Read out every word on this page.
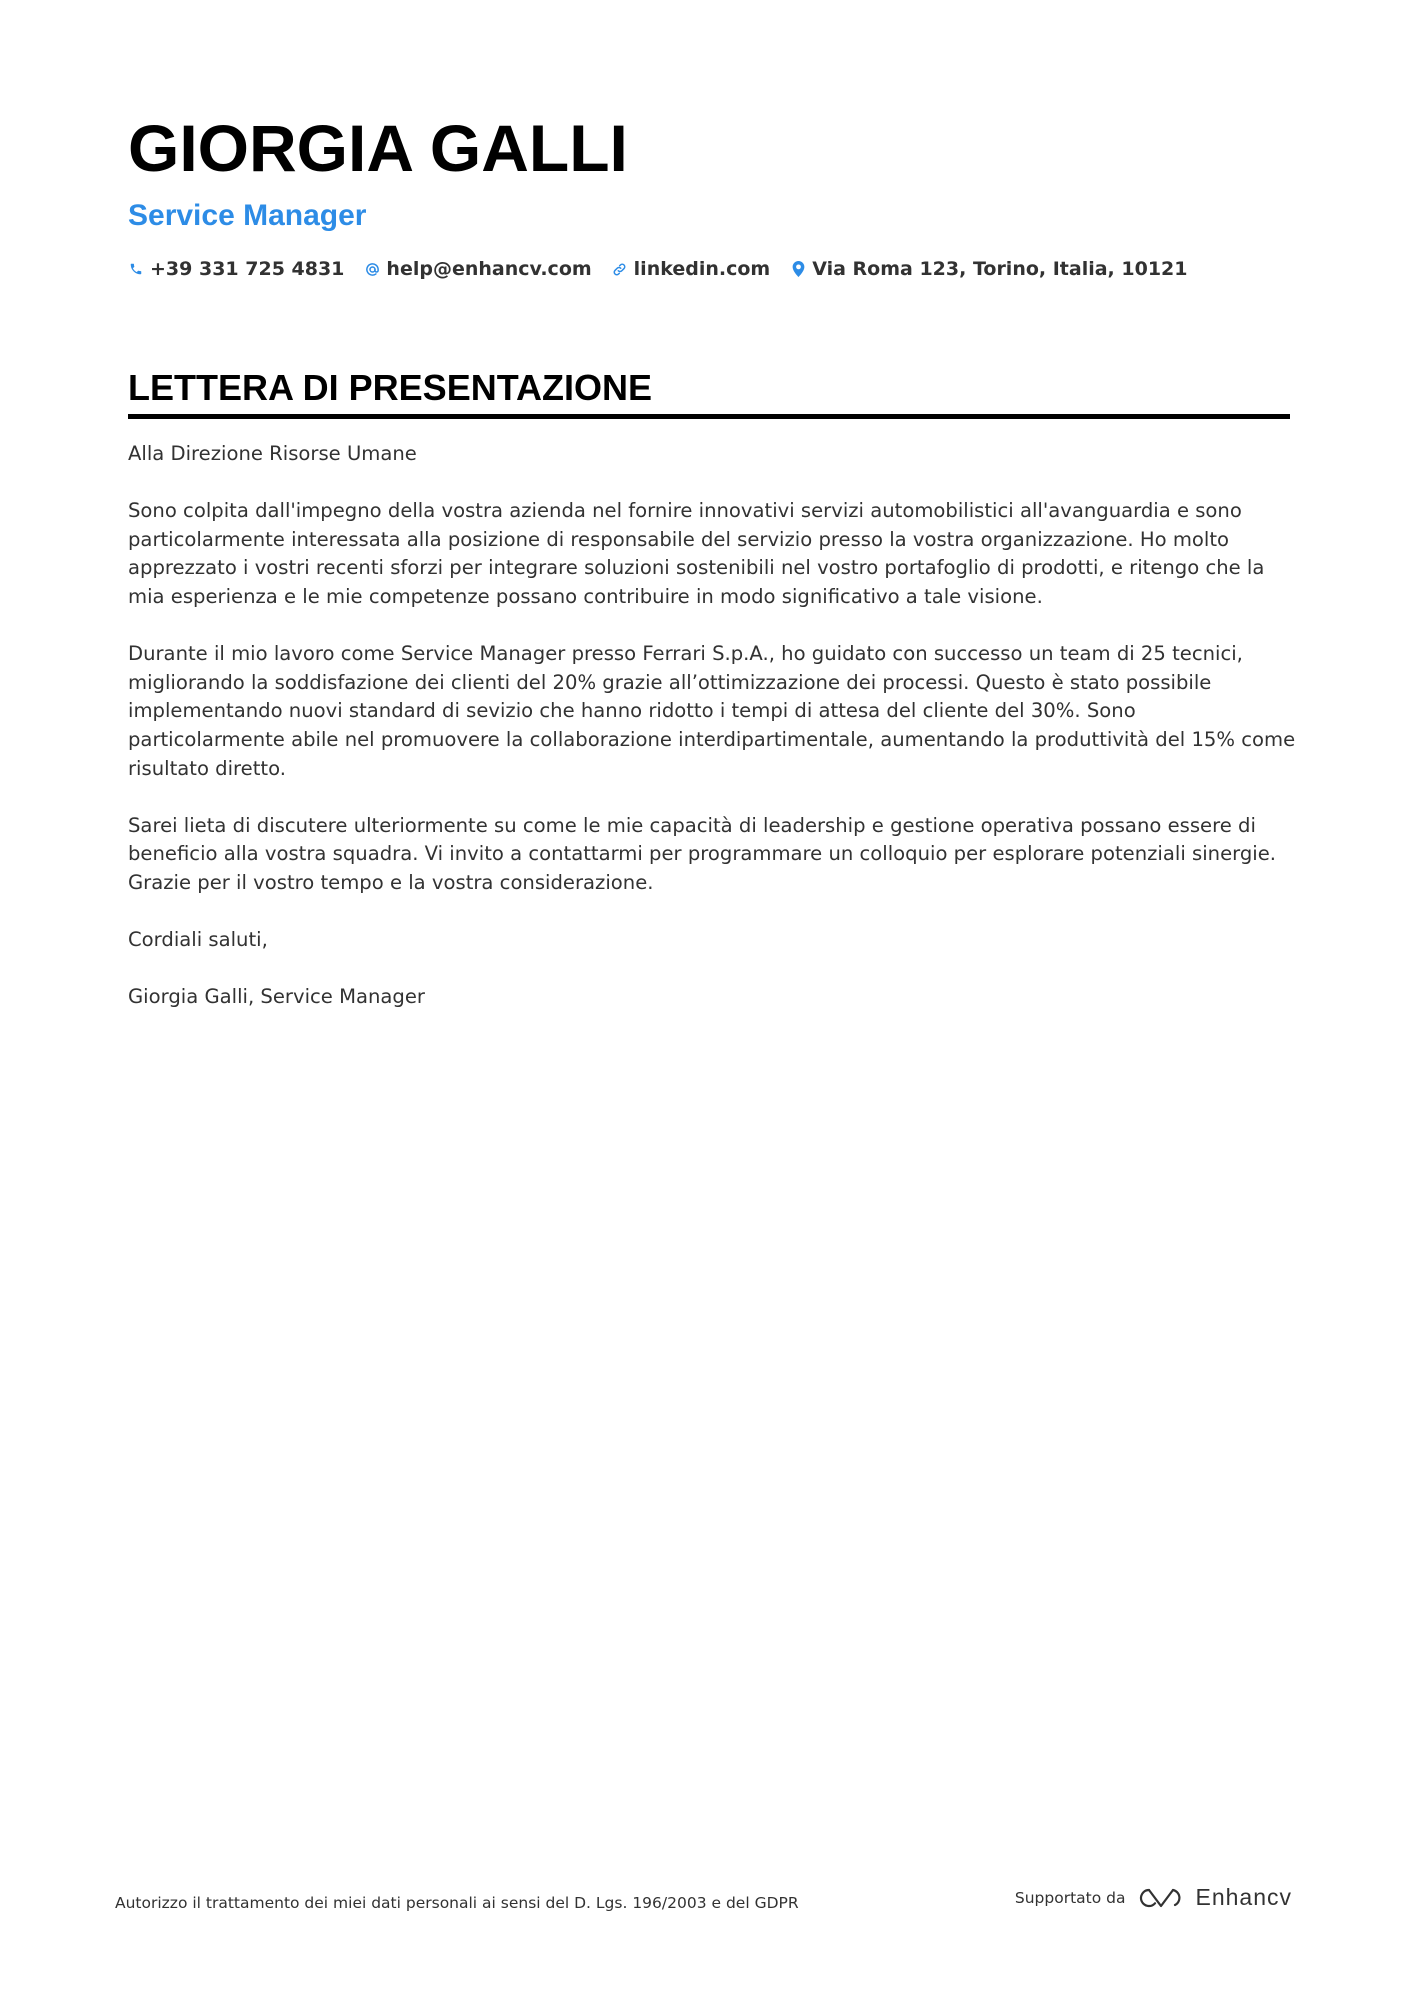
GIORGIA GALLI
Service Manager
+39 331 725 4831 help@enhancv.com linkedin.com Via Roma 123, Torino, Italia, 10121
LETTERA DI PRESENTAZIONE

Alla Direzione Risorse Umane

Sono colpita dall'impegno della vostra azienda nel fornire innovativi servizi automobilistici all'avanguardia e sono particolarmente interessata alla posizione di responsabile del servizio presso la vostra organizzazione. Ho molto apprezzato i vostri recenti sforzi per integrare soluzioni sostenibili nel vostro portafoglio di prodotti, e ritengo che la mia esperienza e le mie competenze possano contribuire in modo significativo a tale visione.

Durante il mio lavoro come Service Manager presso Ferrari S.p.A., ho guidato con successo un team di 25 tecnici, migliorando la soddisfazione dei clienti del 20% grazie all’ottimizzazione dei processi. Questo è stato possibile implementando nuovi standard di sevizio che hanno ridotto i tempi di attesa del cliente del 30%. Sono particolarmente abile nel promuovere la collaborazione interdipartimentale, aumentando la produttività del 15% come risultato diretto.

Sarei lieta di discutere ulteriormente su come le mie capacità di leadership e gestione operativa possano essere di beneficio alla vostra squadra. Vi invito a contattarmi per programmare un colloquio per esplorare potenziali sinergie. Grazie per il vostro tempo e la vostra considerazione.

Cordiali saluti,

Giorgia Galli, Service Manager

Autorizzo il trattamento dei miei dati personali ai sensi del D. Lgs. 196/2003 e del GDPR	Supportato da	Enhancv
